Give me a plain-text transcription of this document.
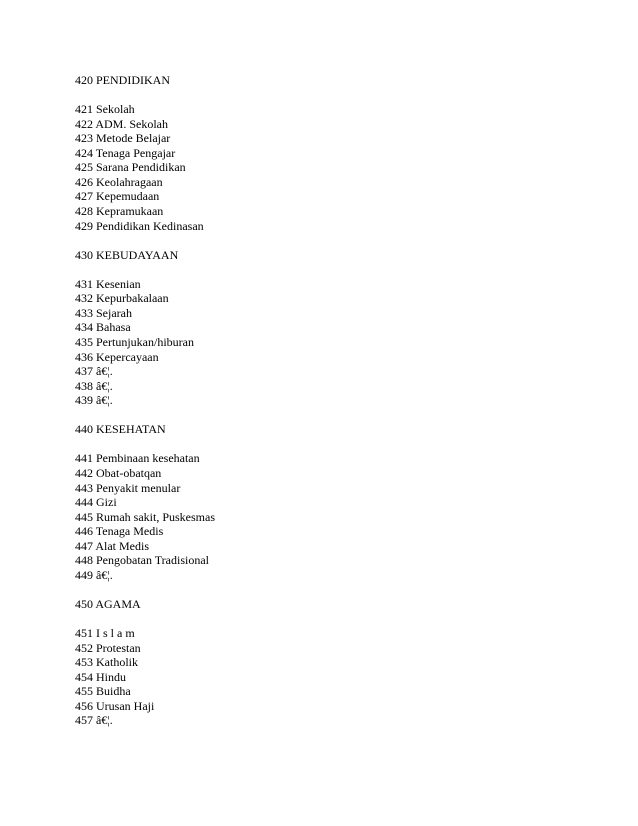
420 PENDIDIKAN
421 Sekolah
422 ADM. Sekolah
423 Metode Belajar
424 Tenaga Pengajar
425 Sarana Pendidikan
426 Keolahragaan
427 Kepemudaan
428 Kepramukaan
429 Pendidikan Kedinasan
430 KEBUDAYAAN
431 Kesenian
432 Kepurbakalaan
433 Sejarah
434 Bahasa
435 Pertunjukan/hiburan
436 Kepercayaan
437 â€¦.
438 â€¦.
439 â€¦.
440 KESEHATAN
441 Pembinaan kesehatan
442 Obat-obatqan
443 Penyakit menular
444 Gizi
445 Rumah sakit, Puskesmas
446 Tenaga Medis
447 Alat Medis
448 Pengobatan Tradisional
449 â€¦.
450 AGAMA
451 I s l a m
452 Protestan
453 Katholik
454 Hindu
455 Buidha
456 Urusan Haji
457 â€¦.
